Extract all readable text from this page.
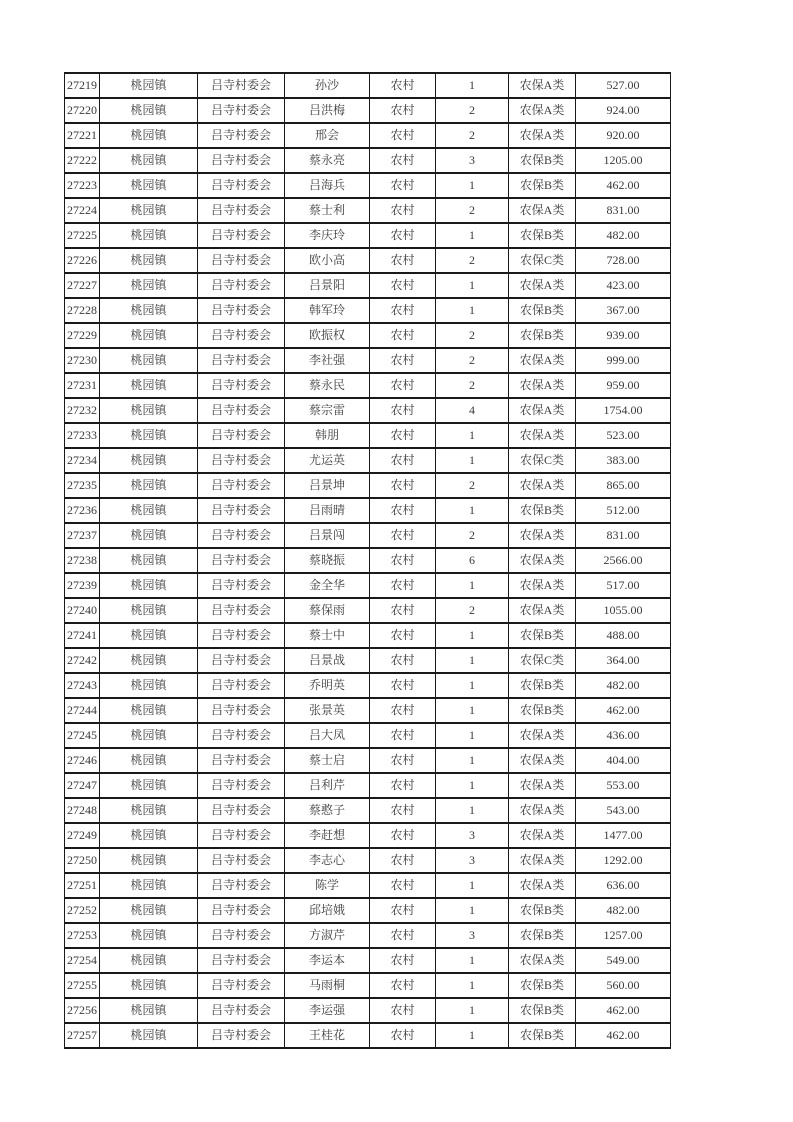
27219	桃园镇	吕寺村委会	孙沙	农村	1	农保A类	527.00
27220	桃园镇	吕寺村委会	吕洪梅	农村	2	农保A类	924.00
27221	桃园镇	吕寺村委会	邢会	农村	2	农保A类	920.00
27222	桃园镇	吕寺村委会	蔡永亮	农村	3	农保B类	1205.00
27223	桃园镇	吕寺村委会	吕海兵	农村	1	农保B类	462.00
27224	桃园镇	吕寺村委会	蔡士利	农村	2	农保A类	831.00
27225	桃园镇	吕寺村委会	李庆玲	农村	1	农保B类	482.00
27226	桃园镇	吕寺村委会	欧小高	农村	2	农保C类	728.00
27227	桃园镇	吕寺村委会	吕景阳	农村	1	农保A类	423.00
27228	桃园镇	吕寺村委会	韩军玲	农村	1	农保B类	367.00
27229	桃园镇	吕寺村委会	欧振权	农村	2	农保B类	939.00
27230	桃园镇	吕寺村委会	李社强	农村	2	农保A类	999.00
27231	桃园镇	吕寺村委会	蔡永民	农村	2	农保A类	959.00
27232	桃园镇	吕寺村委会	蔡宗雷	农村	4	农保A类	1754.00
27233	桃园镇	吕寺村委会	韩朋	农村	1	农保A类	523.00
27234	桃园镇	吕寺村委会	尤运英	农村	1	农保C类	383.00
27235	桃园镇	吕寺村委会	吕景坤	农村	2	农保A类	865.00
27236	桃园镇	吕寺村委会	吕雨晴	农村	1	农保B类	512.00
27237	桃园镇	吕寺村委会	吕景闯	农村	2	农保A类	831.00
27238	桃园镇	吕寺村委会	蔡晓振	农村	6	农保A类	2566.00
27239	桃园镇	吕寺村委会	金全华	农村	1	农保A类	517.00
27240	桃园镇	吕寺村委会	蔡保雨	农村	2	农保A类	1055.00
27241	桃园镇	吕寺村委会	蔡士中	农村	1	农保B类	488.00
27242	桃园镇	吕寺村委会	吕景战	农村	1	农保C类	364.00
27243	桃园镇	吕寺村委会	乔明英	农村	1	农保B类	482.00
27244	桃园镇	吕寺村委会	张景英	农村	1	农保B类	462.00
27245	桃园镇	吕寺村委会	吕大凤	农村	1	农保A类	436.00
27246	桃园镇	吕寺村委会	蔡士启	农村	1	农保A类	404.00
27247	桃园镇	吕寺村委会	吕利芹	农村	1	农保A类	553.00
27248	桃园镇	吕寺村委会	蔡憨子	农村	1	农保A类	543.00
27249	桃园镇	吕寺村委会	李赶想	农村	3	农保A类	1477.00
27250	桃园镇	吕寺村委会	李志心	农村	3	农保A类	1292.00
27251	桃园镇	吕寺村委会	陈学	农村	1	农保A类	636.00
27252	桃园镇	吕寺村委会	邱培娥	农村	1	农保B类	482.00
27253	桃园镇	吕寺村委会	方淑芹	农村	3	农保B类	1257.00
27254	桃园镇	吕寺村委会	李运本	农村	1	农保A类	549.00
27255	桃园镇	吕寺村委会	马雨桐	农村	1	农保B类	560.00
27256	桃园镇	吕寺村委会	李运强	农村	1	农保B类	462.00
27257	桃园镇	吕寺村委会	王桂花	农村	1	农保B类	462.00
